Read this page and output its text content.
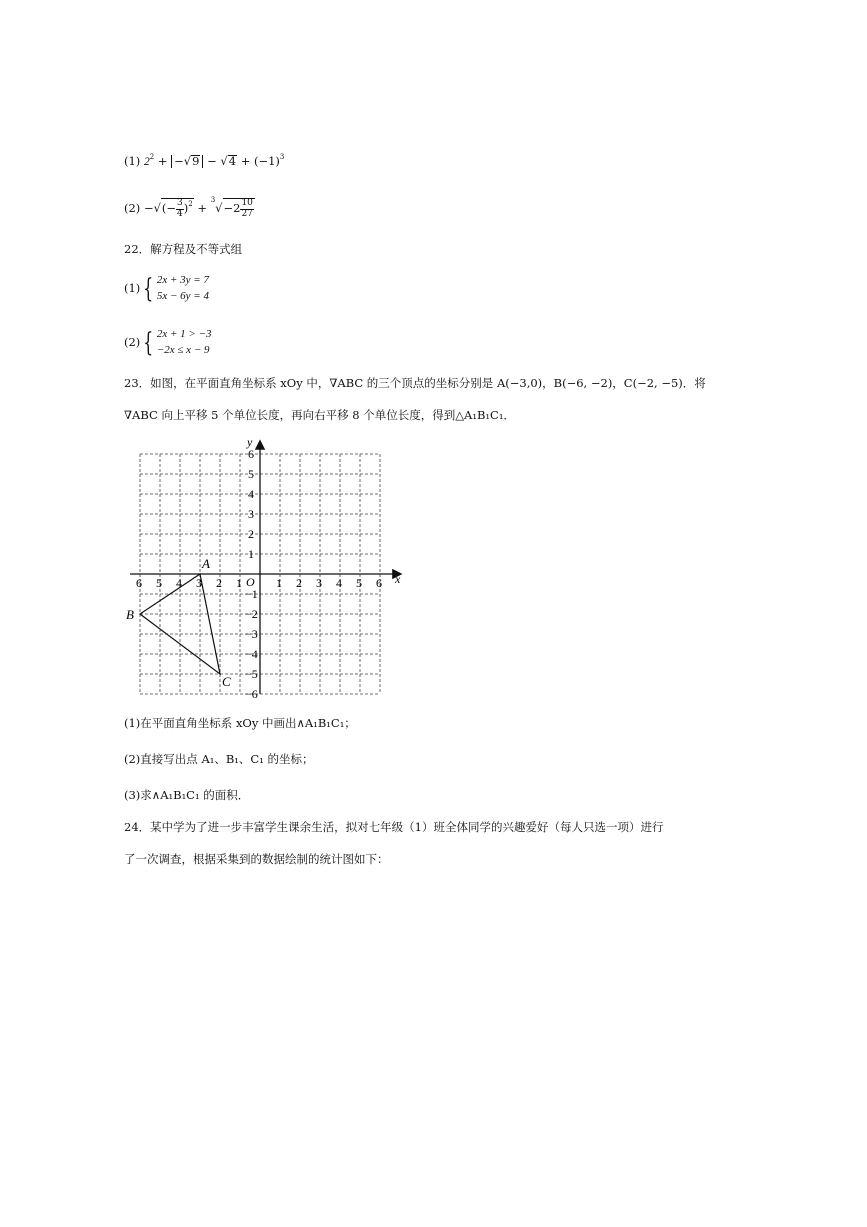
(1) $2^2 + -√9 - √4 + (-1)^3$
(2) −√(− $\frac{3}{4} )^2 + ^3√-2 \frac{10}{27}$
22．解方程及不等式组
(1) { 2x + 3y = 7
5x − 6y = 4
(2) { 2x + 1 > −3
−2x ≤ x − 9
23．如图，在平面直角坐标系 xOy 中，∇ABC 的三个顶点的坐标分别是 A(−3,0)，B(−6, −2)，C(−2, −5)．将
∇ABC 向上平移 5 个单位长度，再向右平移 8 个单位长度，得到△A₁B₁C₁．
x
y
O
6 5 4 3 2 1	1 2 3 4 5 6
1
2
3
4
5
6
−1
−2
−3
−4
−5
−6
A
B
C
(1)在平面直角坐标系 xOy 中画出∧A₁B₁C₁；
(2)直接写出点 A₁、B₁、C₁ 的坐标；
(3)求∧A₁B₁C₁ 的面积．
24．某中学为了进一步丰富学生课余生活，拟对七年级（1）班全体同学的兴趣爱好（每人只选一项）进行
了一次调查，根据采集到的数据绘制的统计图如下：
